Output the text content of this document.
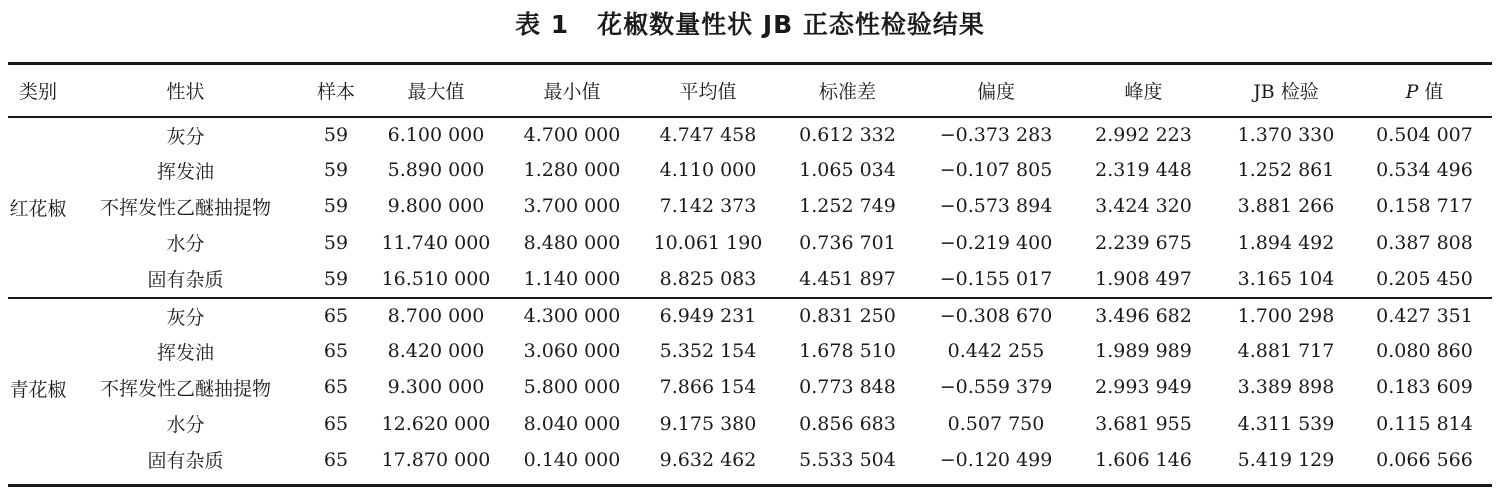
表 1 花椒数量性状 JB 正态性检验结果
类别	性状	样本	最大值	最小值	平均值	标准差	偏度	峰度	JB 检验	P 值
红花椒	灰分	59	6.100 000	4.700 000	4.747 458	0.612 332	−0.373 283	2.992 223	1.370 330	0.504 007
	挥发油	59	5.890 000	1.280 000	4.110 000	1.065 034	−0.107 805	2.319 448	1.252 861	0.534 496
	不挥发性乙醚抽提物	59	9.800 000	3.700 000	7.142 373	1.252 749	−0.573 894	3.424 320	3.881 266	0.158 717
	水分	59	11.740 000	8.480 000	10.061 190	0.736 701	−0.219 400	2.239 675	1.894 492	0.387 808
	固有杂质	59	16.510 000	1.140 000	8.825 083	4.451 897	−0.155 017	1.908 497	3.165 104	0.205 450
青花椒	灰分	65	8.700 000	4.300 000	6.949 231	0.831 250	−0.308 670	3.496 682	1.700 298	0.427 351
	挥发油	65	8.420 000	3.060 000	5.352 154	1.678 510	0.442 255	1.989 989	4.881 717	0.080 860
	不挥发性乙醚抽提物	65	9.300 000	5.800 000	7.866 154	0.773 848	−0.559 379	2.993 949	3.389 898	0.183 609
	水分	65	12.620 000	8.040 000	9.175 380	0.856 683	0.507 750	3.681 955	4.311 539	0.115 814
	固有杂质	65	17.870 000	0.140 000	9.632 462	5.533 504	−0.120 499	1.606 146	5.419 129	0.066 566
